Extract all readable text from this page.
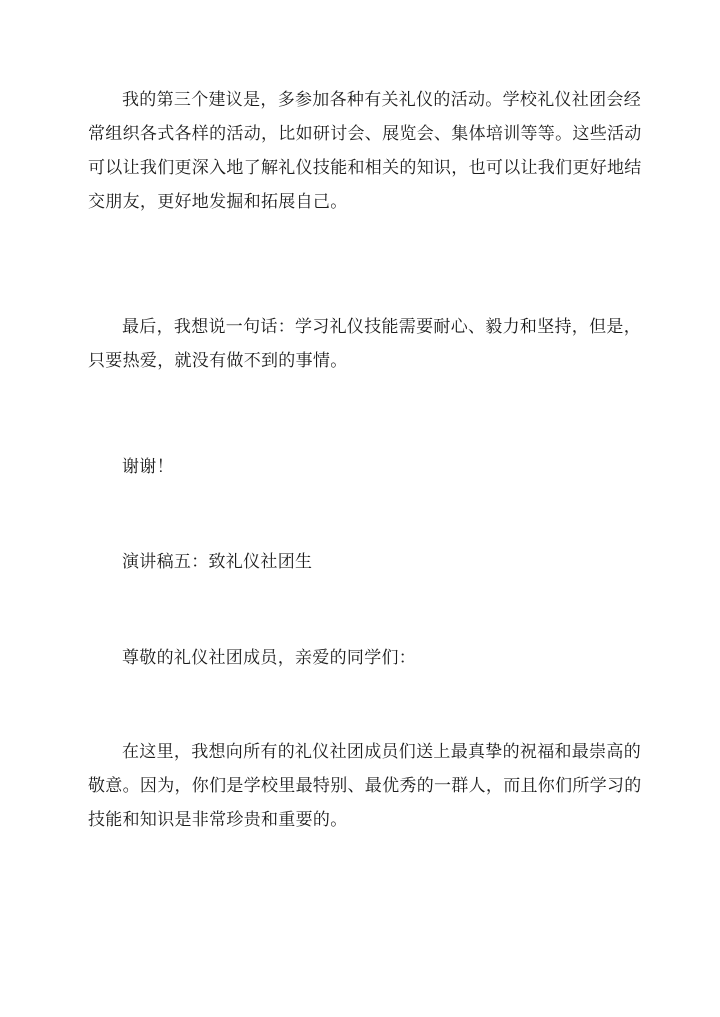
我的第三个建议是，多参加各种有关礼仪的活动。学校礼仪社团会经
常组织各式各样的活动，比如研讨会、展览会、集体培训等等。这些活动
可以让我们更深入地了解礼仪技能和相关的知识，也可以让我们更好地结
交朋友，更好地发掘和拓展自己。

最后，我想说一句话：学习礼仪技能需要耐心、毅力和坚持，但是，
只要热爱，就没有做不到的事情。

谢谢！

演讲稿五：致礼仪社团生

尊敬的礼仪社团成员，亲爱的同学们：

在这里，我想向所有的礼仪社团成员们送上最真挚的祝福和最崇高的
敬意。因为，你们是学校里最特别、最优秀的一群人，而且你们所学习的
技能和知识是非常珍贵和重要的。
